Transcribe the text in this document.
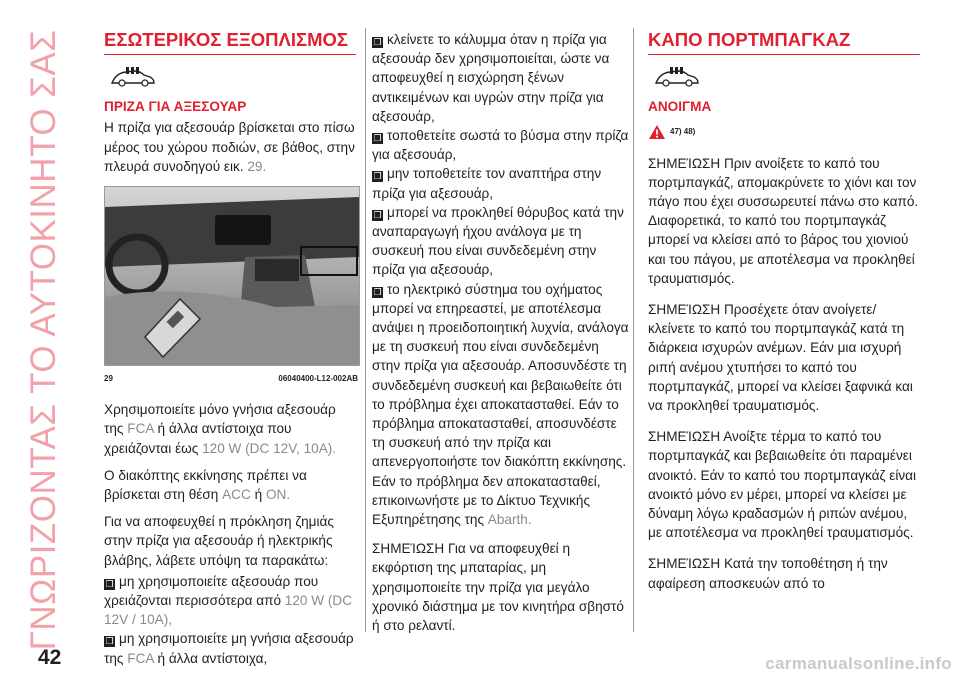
ΓΝΩΡΙΖΟΝΤΑΣ ΤΟ ΑΥΤΟΚΙΝΗΤΟ ΣΑΣ ΕΣΩΤΕΡΙΚΟΣ ΕΞΟΠΛΙΣΜΟΣ
ΠΡΙΖΑ ΓΙΑ ΑΞΕΣΟΥΑΡ

Η πρίζα για αξεσουάρ βρίσκεται στο πίσω μέρος του χώρου ποδιών, σε βάθος, στην πλευρά συνοδηγού εικ. 29.

29	06040400-L12-002AB

Χρησιμοποιείτε μόνο γνήσια αξεσουάρ της FCA ή άλλα αντίστοιχα που χρειάζονται έως 120 W (DC 12V, 10A).

Ο διακόπτης εκκίνησης πρέπει να βρίσκεται στη θέση ACC ή ON.

Για να αποφευχθεί η πρόκληση ζημιάς στην πρίζα για αξεσουάρ ή ηλεκτρικής βλάβης, λάβετε υπόψη τα παρακάτω:

❐ μη χρησιμοποιείτε αξεσουάρ που χρειάζονται περισσότερα από 120 W (DC 12V / 10A),
❐ μη χρησιμοποιείτε μη γνήσια αξεσουάρ της FCA ή άλλα αντίστοιχα,
❐ κλείνετε το κάλυμμα όταν η πρίζα για αξεσουάρ δεν χρησιμοποιείται, ώστε να αποφευχθεί η εισχώρηση ξένων αντικειμένων και υγρών στην πρίζα για αξεσουάρ,
❐ τοποθετείτε σωστά το βύσμα στην πρίζα για αξεσουάρ,
❐ μην τοποθετείτε τον αναπτήρα στην πρίζα για αξεσουάρ,
❐ μπορεί να προκληθεί θόρυβος κατά την αναπαραγωγή ήχου ανάλογα με τη συσκευή που είναι συνδεδεμένη στην πρίζα για αξεσουάρ,
❐ το ηλεκτρικό σύστημα του οχήματος μπορεί να επηρεαστεί, με αποτέλεσμα ανάψει η προειδοποιητική λυχνία, ανάλογα με τη συσκευή που είναι συνδεδεμένη στην πρίζα για αξεσουάρ. Αποσυνδέστε τη συνδεδεμένη συσκευή και βεβαιωθείτε ότι το πρόβλημα έχει αποκατασταθεί. Εάν το πρόβλημα αποκατασταθεί, αποσυνδέστε τη συσκευή από την πρίζα και απενεργοποιήστε τον διακόπτη εκκίνησης. Εάν το πρόβλημα δεν αποκατασταθεί, επικοινωνήστε με το Δίκτυο Τεχνικής Εξυπηρέτησης της Abarth.

ΣΗΜΕΊΩΣΗ Για να αποφευχθεί η εκφόρτιση της μπαταρίας, μη χρησιμοποιείτε την πρίζα για μεγάλο χρονικό διάστημα με τον κινητήρα σβηστό ή στο ρελαντί.

ΚΑΠΟ ΠΟΡΤΜΠΑΓΚΑΖ
ΑΝΟΙΓΜΑ
47) 48)

ΣΗΜΕΊΩΣΗ Πριν ανοίξετε το καπό του πορτμπαγκάζ, απομακρύνετε το χιόνι και τον πάγο που έχει συσσωρευτεί πάνω στο καπό. Διαφορετικά, το καπό του πορτμπαγκάζ μπορεί να κλείσει από το βάρος του χιονιού και του πάγου, με αποτέλεσμα να προκληθεί τραυματισμός.

ΣΗΜΕΊΩΣΗ Προσέχετε όταν ανοίγετε/κλείνετε το καπό του πορτμπαγκάζ κατά τη διάρκεια ισχυρών ανέμων. Εάν μια ισχυρή ριπή ανέμου χτυπήσει το καπό του πορτμπαγκάζ, μπορεί να κλείσει ξαφνικά και να προκληθεί τραυματισμός.

ΣΗΜΕΊΩΣΗ Ανοίξτε τέρμα το καπό του πορτμπαγκάζ και βεβαιωθείτε ότι παραμένει ανοικτό. Εάν το καπό του πορτμπαγκάζ είναι ανοικτό μόνο εν μέρει, μπορεί να κλείσει με δύναμη λόγω κραδασμών ή ριπών ανέμου, με αποτέλεσμα να προκληθεί τραυματισμός.

ΣΗΜΕΊΩΣΗ Κατά την τοποθέτηση ή την αφαίρεση αποσκευών από το

42	carmanualsonline.info
